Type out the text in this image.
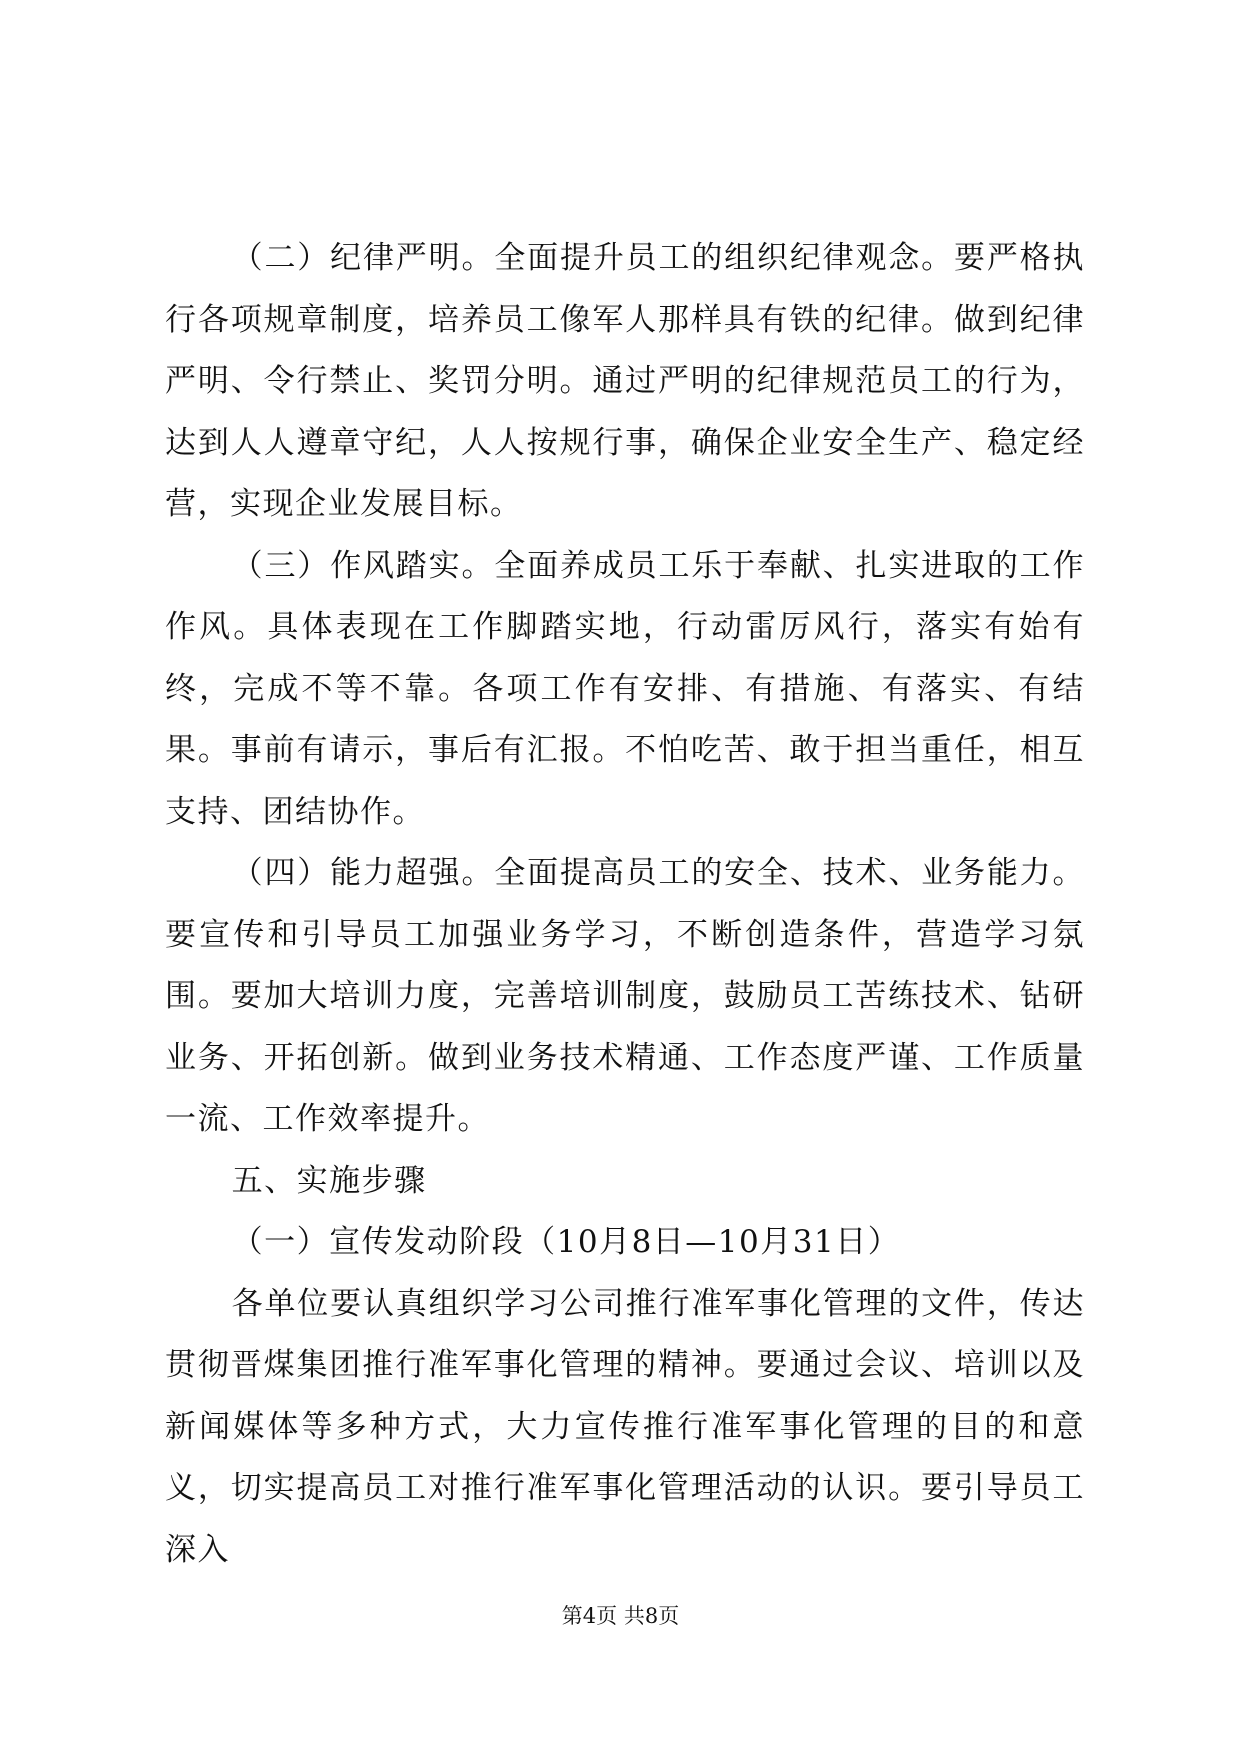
（二）纪律严明。全面提升员工的组织纪律观念。要严格执行各项规章制度，培养员工像军人那样具有铁的纪律。做到纪律严明、令行禁止、奖罚分明。通过严明的纪律规范员工的行为，达到人人遵章守纪，人人按规行事，确保企业安全生产、稳定经营，实现企业发展目标。

（三）作风踏实。全面养成员工乐于奉献、扎实进取的工作作风。具体表现在工作脚踏实地，行动雷厉风行，落实有始有终，完成不等不靠。各项工作有安排、有措施、有落实、有结果。事前有请示，事后有汇报。不怕吃苦、敢于担当重任，相互支持、团结协作。

（四）能力超强。全面提高员工的安全、技术、业务能力。要宣传和引导员工加强业务学习，不断创造条件，营造学习氛围。要加大培训力度，完善培训制度，鼓励员工苦练技术、钻研业务、开拓创新。做到业务技术精通、工作态度严谨、工作质量一流、工作效率提升。

五、实施步骤

（一）宣传发动阶段（10月8日—10月31日）

各单位要认真组织学习公司推行准军事化管理的文件，传达贯彻晋煤集团推行准军事化管理的精神。要通过会议、培训以及新闻媒体等多种方式，大力宣传推行准军事化管理的目的和意义，切实提高员工对推行准军事化管理活动的认识。要引导员工深入

第4页 共8页
